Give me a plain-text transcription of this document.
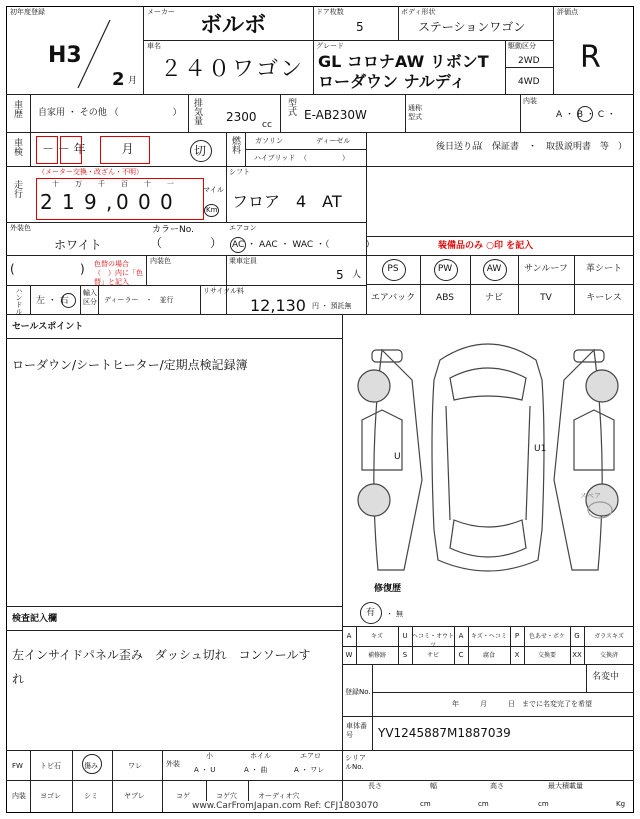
初年度登録
H3
2 月
メーカー
ボルボ
車名
２４０ワゴン
ドア枚数
5
ボディ形状
ステーションワゴン
グレード
GL コロナAW リボンT
ローダウン ナルディ
駆動区分
2WD
4WD
評価点
R
車歴 自家用 ・ その他 （　　　　　　） 排気量 2300
cc
型式 E-AB230W	通称型式
内装
A ・ B ・ C ・
車検 － － 年　　　月	切	燃料 ガソリン	ディーゼル
ハイブリッド （　　　　　）
後日送り品
（　保証書　・　取扱説明書　等　）
走行
（メーター交換・改ざん・不明）
十 万 千 百 十 一
2 1 9 , 0 0 0	マイル
Km
シフト
フロア　4　AT
外装色
ホワイト
カラーNo.
（　　　　）
エアコン
AC ・ AAC ・ WAC ・（　　　　）	装備品のみ ○印 を記入
(	) 色替の場合 （　）内に「色替」と記入
内装色	乗車定員
5 人
PS	PW	AW	サンルーフ	革シート
エアバック	ABS	ナビ	TV	キーレス
ハンドル 左 ・ 右
輸入区分 ディーラー　・　並行
リサイクル料
12,130 円 ・ 預託無
セールスポイント
ローダウン/シートヒーター/定期点検記録簿
U
U1
スペア
修復歴
有 ・ 無
検査記入欄
左インサイドパネル歪み　ダッシュ切れ　コンソールす
れ
A	キズ	U ヘコミ・オウトツ
A	キズ・ヘコミ	P	色あせ・ボケ	G	ガラスキズ
W	補修跡	S	サビ	C	腐食	X	交換要	XX	交換済
登録No.
名変中
年　　　月　　　日　までに名変完了を希望
車体番号	YV1245887M1887039
FW トビ石	傷み	ワレ	外装
小
A ・ U
ホイル
A ・ 曲
エアロ
A ・ ワレ
シリアルNo.
内装 ヨゴレ	シミ	ヤブレ	コゲ	コゲ穴	オーディオ穴
長さ	幅	高さ	最大積載量
cm	cm	cm	Kg
www.CarFromJapan.com Ref: CFJ1803070
